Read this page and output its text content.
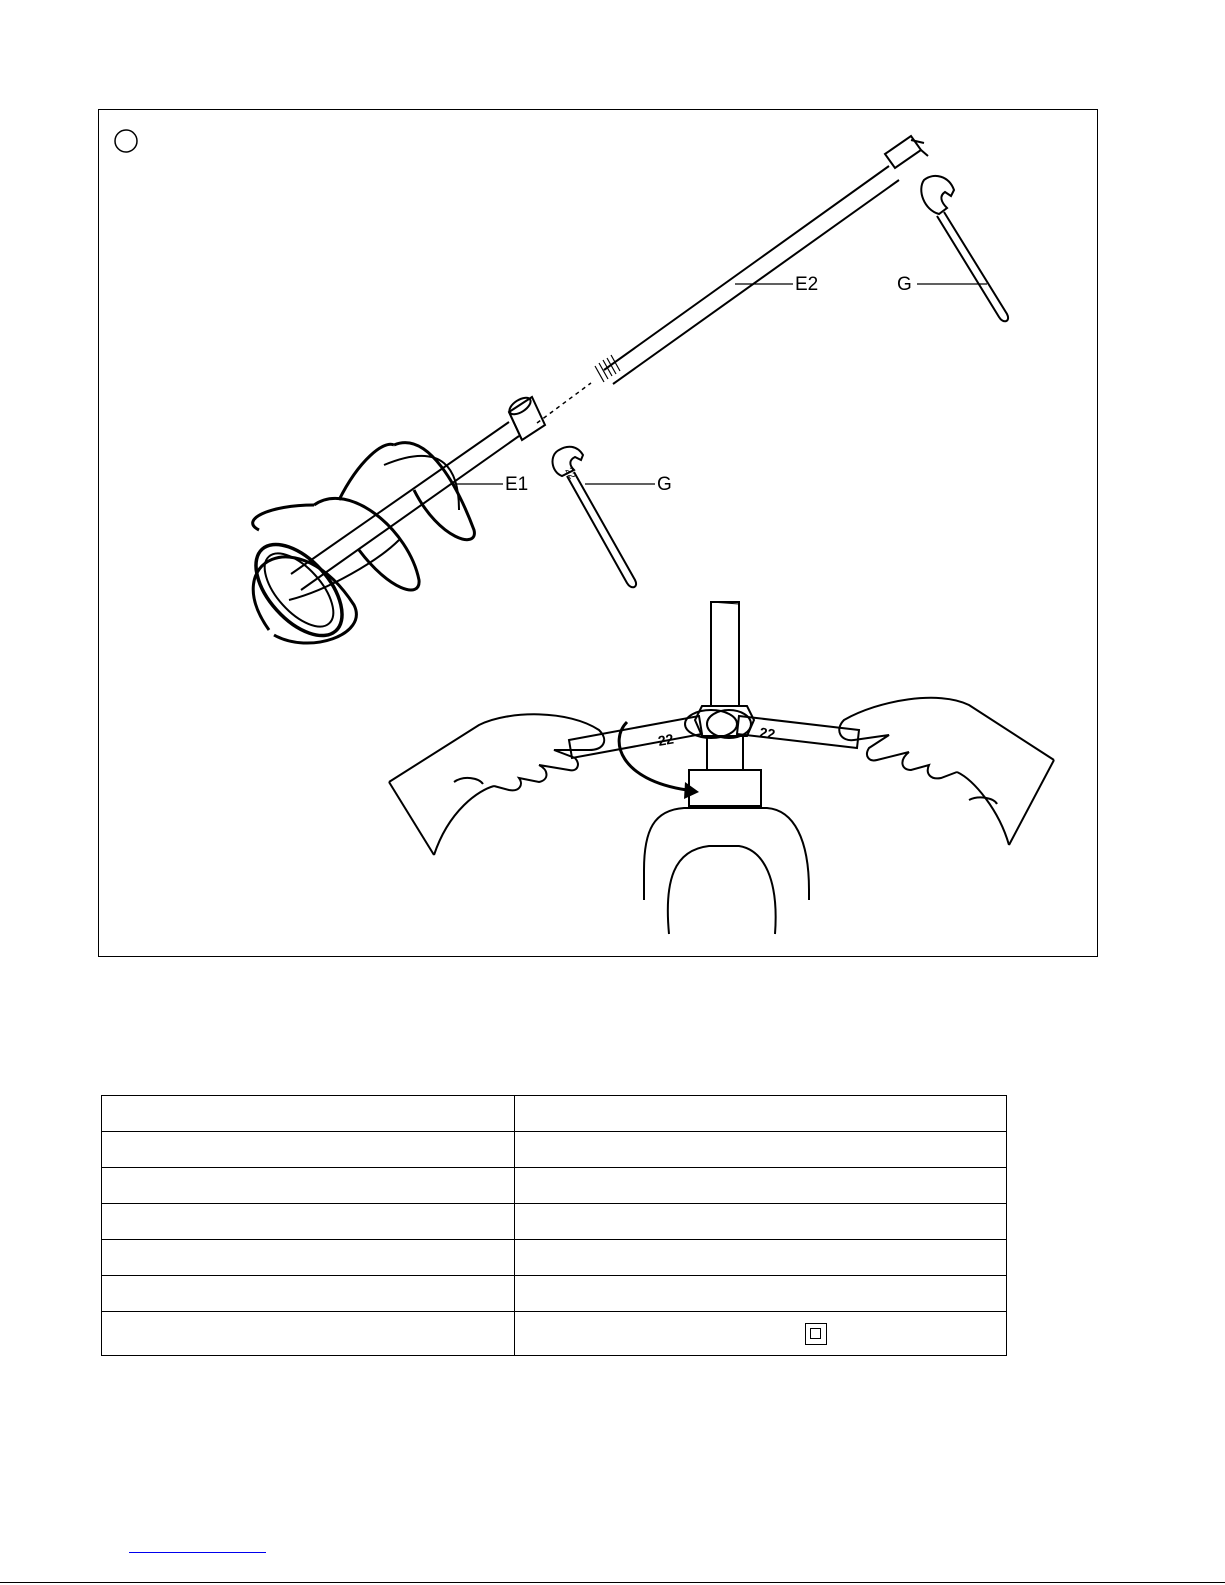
22
22	22
E2	G
E1	G
